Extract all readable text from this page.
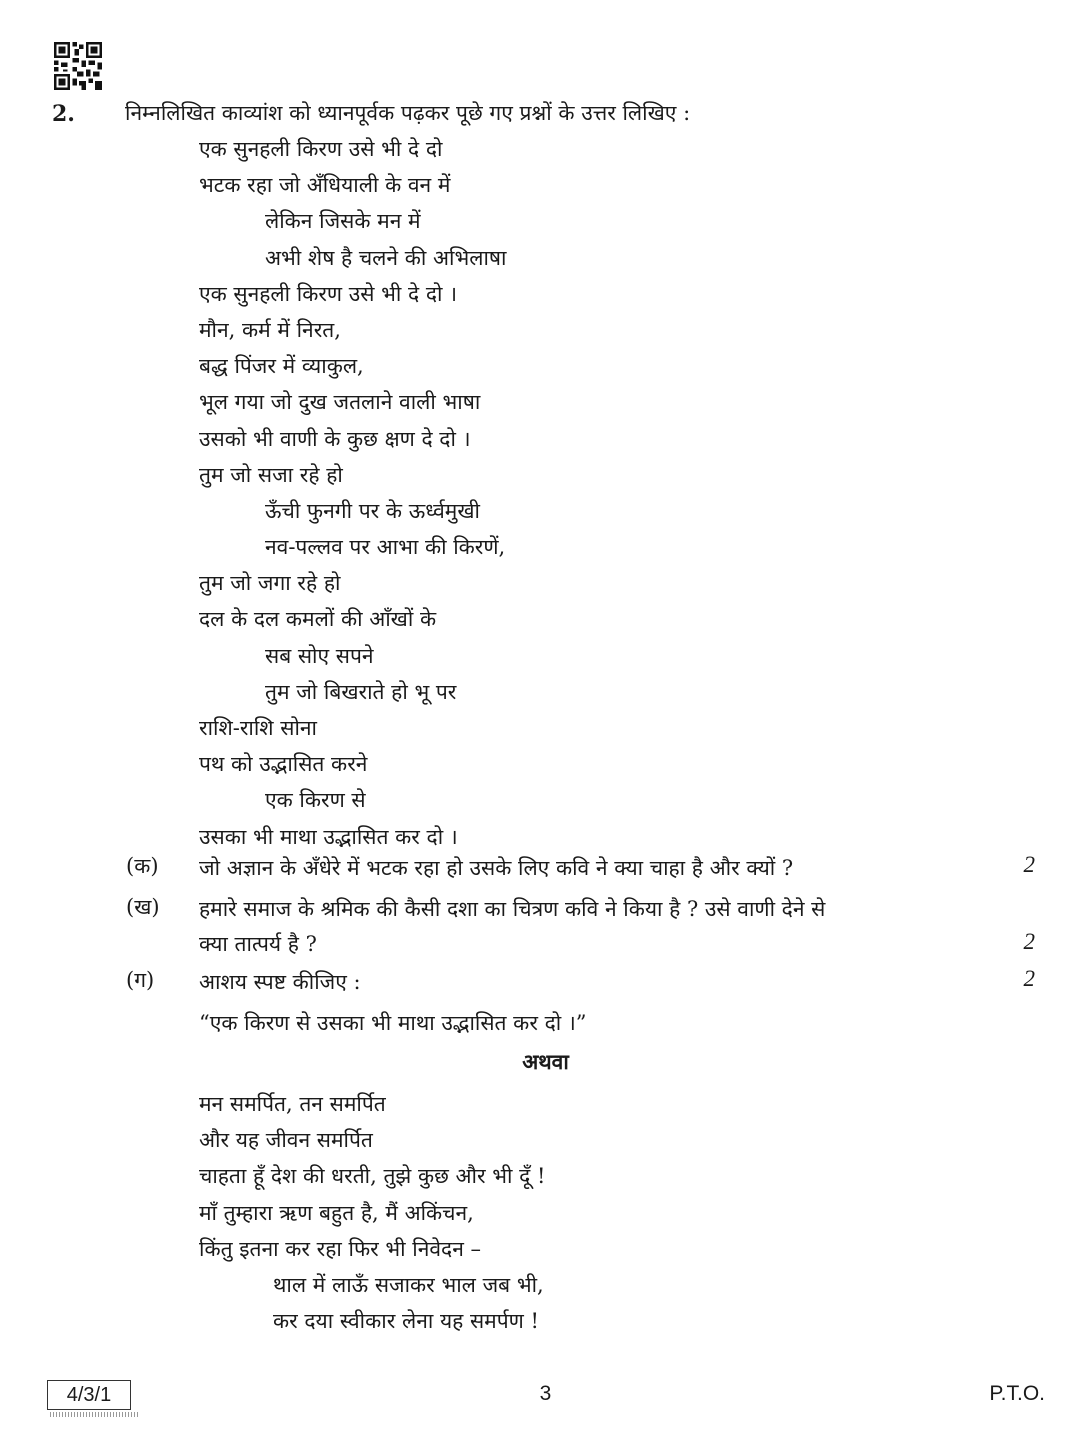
2. निम्नलिखित काव्यांश को ध्यानपूर्वक पढ़कर पूछे गए प्रश्नों के उत्तर लिखिए :
एक सुनहली किरण उसे भी दे दो
भटक रहा जो अँधियाली के वन में
लेकिन जिसके मन में
अभी शेष है चलने की अभिलाषा
एक सुनहली किरण उसे भी दे दो ।
मौन, कर्म में निरत,
बद्ध पिंजर में व्याकुल,
भूल गया जो दुख जतलाने वाली भाषा
उसको भी वाणी के कुछ क्षण दे दो ।
तुम जो सजा रहे हो
ऊँची फुनगी पर के ऊर्ध्वमुखी
नव-पल्लव पर आभा की किरणें,
तुम जो जगा रहे हो
दल के दल कमलों की आँखों के
सब सोए सपने
तुम जो बिखराते हो भू पर
राशि-राशि सोना
पथ को उद्भासित करने
एक किरण से
उसका भी माथा उद्भासित कर दो ।
(क) जो अज्ञान के अँधेरे में भटक रहा हो उसके लिए कवि ने क्या चाहा है और क्यों ?	2
(ख) हमारे समाज के श्रमिक की कैसी दशा का चित्रण कवि ने किया है ? उसे वाणी देने से
क्या तात्पर्य है ?	2
(ग) आशय स्पष्ट कीजिए :	2
“एक किरण से उसका भी माथा उद्भासित कर दो ।”
अथवा
मन समर्पित, तन समर्पित
और यह जीवन समर्पित
चाहता हूँ देश की धरती, तुझे कुछ और भी दूँ !
माँ तुम्हारा ऋण बहुत है, मैं अकिंचन,
किंतु इतना कर रहा फिर भी निवेदन –
थाल में लाऊँ सजाकर भाल जब भी,
कर दया स्वीकार लेना यह समर्पण !
4/3/1	3	P.T.O.
